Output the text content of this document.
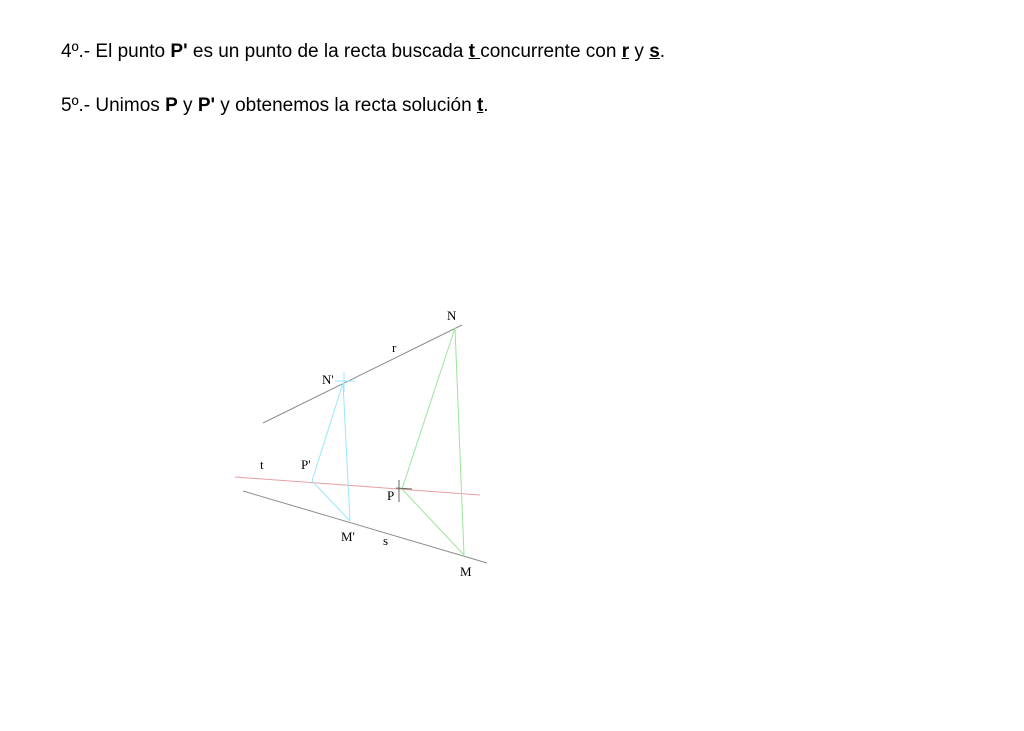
4º.- El punto P' es un punto de la recta buscada t concurrente con r y s.

5º.- Unimos P y P' y obtenemos la recta solución t.

N
r
N'
t	P'
P
M' s
M
